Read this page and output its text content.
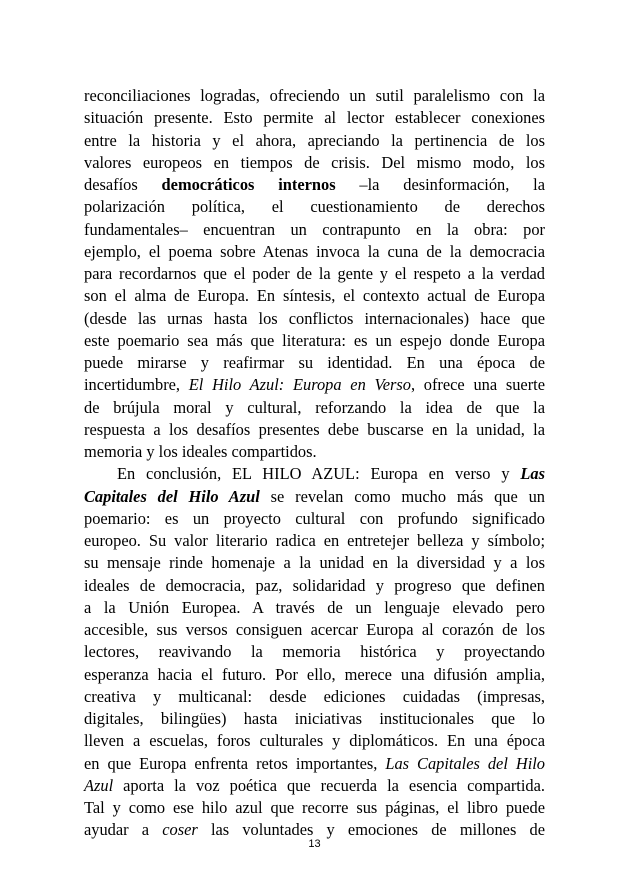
reconciliaciones logradas, ofreciendo un sutil paralelismo con la
situación presente. Esto permite al lector establecer conexiones
entre la historia y el ahora, apreciando la pertinencia de los
valores europeos en tiempos de crisis. Del mismo modo, los
desafíos democráticos internos –la desinformación, la
polarización política, el cuestionamiento de derechos
fundamentales– encuentran un contrapunto en la obra: por
ejemplo, el poema sobre Atenas invoca la cuna de la democracia
para recordarnos que el poder de la gente y el respeto a la verdad
son el alma de Europa. En síntesis, el contexto actual de Europa
(desde las urnas hasta los conflictos internacionales) hace que
este poemario sea más que literatura: es un espejo donde Europa
puede mirarse y reafirmar su identidad. En una época de
incertidumbre, El Hilo Azul: Europa en Verso, ofrece una suerte
de brújula moral y cultural, reforzando la idea de que la
respuesta a los desafíos presentes debe buscarse en la unidad, la
memoria y los ideales compartidos.
En conclusión, EL HILO AZUL: Europa en verso y Las
Capitales del Hilo Azul se revelan como mucho más que un
poemario: es un proyecto cultural con profundo significado
europeo. Su valor literario radica en entretejer belleza y símbolo;
su mensaje rinde homenaje a la unidad en la diversidad y a los
ideales de democracia, paz, solidaridad y progreso que definen
a la Unión Europea. A través de un lenguaje elevado pero
accesible, sus versos consiguen acercar Europa al corazón de los
lectores, reavivando la memoria histórica y proyectando
esperanza hacia el futuro. Por ello, merece una difusión amplia,
creativa y multicanal: desde ediciones cuidadas (impresas,
digitales, bilingües) hasta iniciativas institucionales que lo
lleven a escuelas, foros culturales y diplomáticos. En una época
en que Europa enfrenta retos importantes, Las Capitales del Hilo
Azul aporta la voz poética que recuerda la esencia compartida.
Tal y como ese hilo azul que recorre sus páginas, el libro puede
ayudar a coser las voluntades y emociones de millones de
13
